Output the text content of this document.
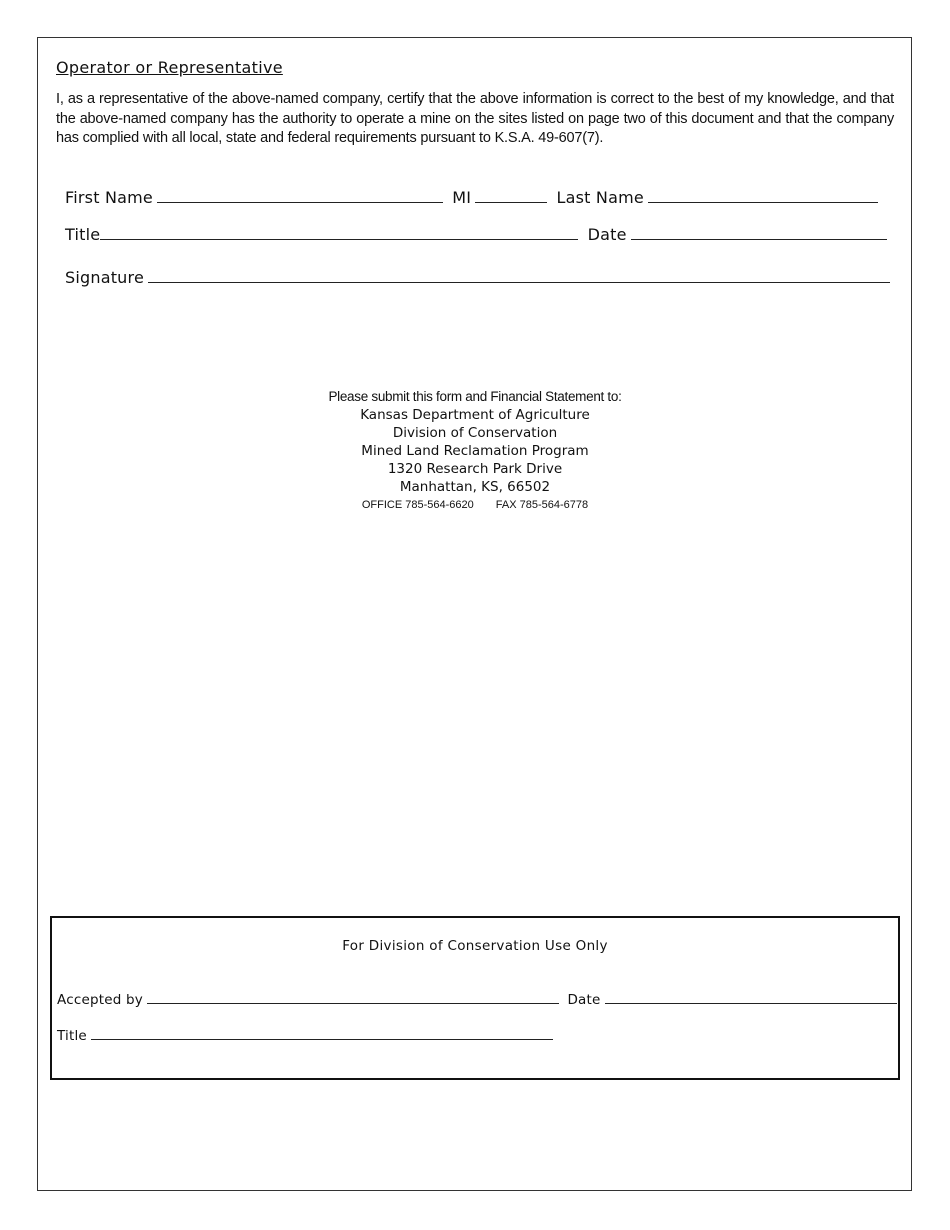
Operator or Representative
I, as a representative of the above-named company, certify that the above information is correct to the best of my knowledge, and that the above-named company has the authority to operate a mine on the sites listed on page two of this document and that the company has complied with all local, state and federal requirements pursuant to K.S.A. 49-607(7).
First Name	MI	Last Name
Title	Date
Signature
Please submit this form and Financial Statement to:
Kansas Department of Agriculture
Division of Conservation
Mined Land Reclamation Program
1320 Research Park Drive
Manhattan, KS, 66502
OFFICE 785-564-6620 FAX 785-564-6778
For Division of Conservation Use Only
Accepted by	Date
Title
